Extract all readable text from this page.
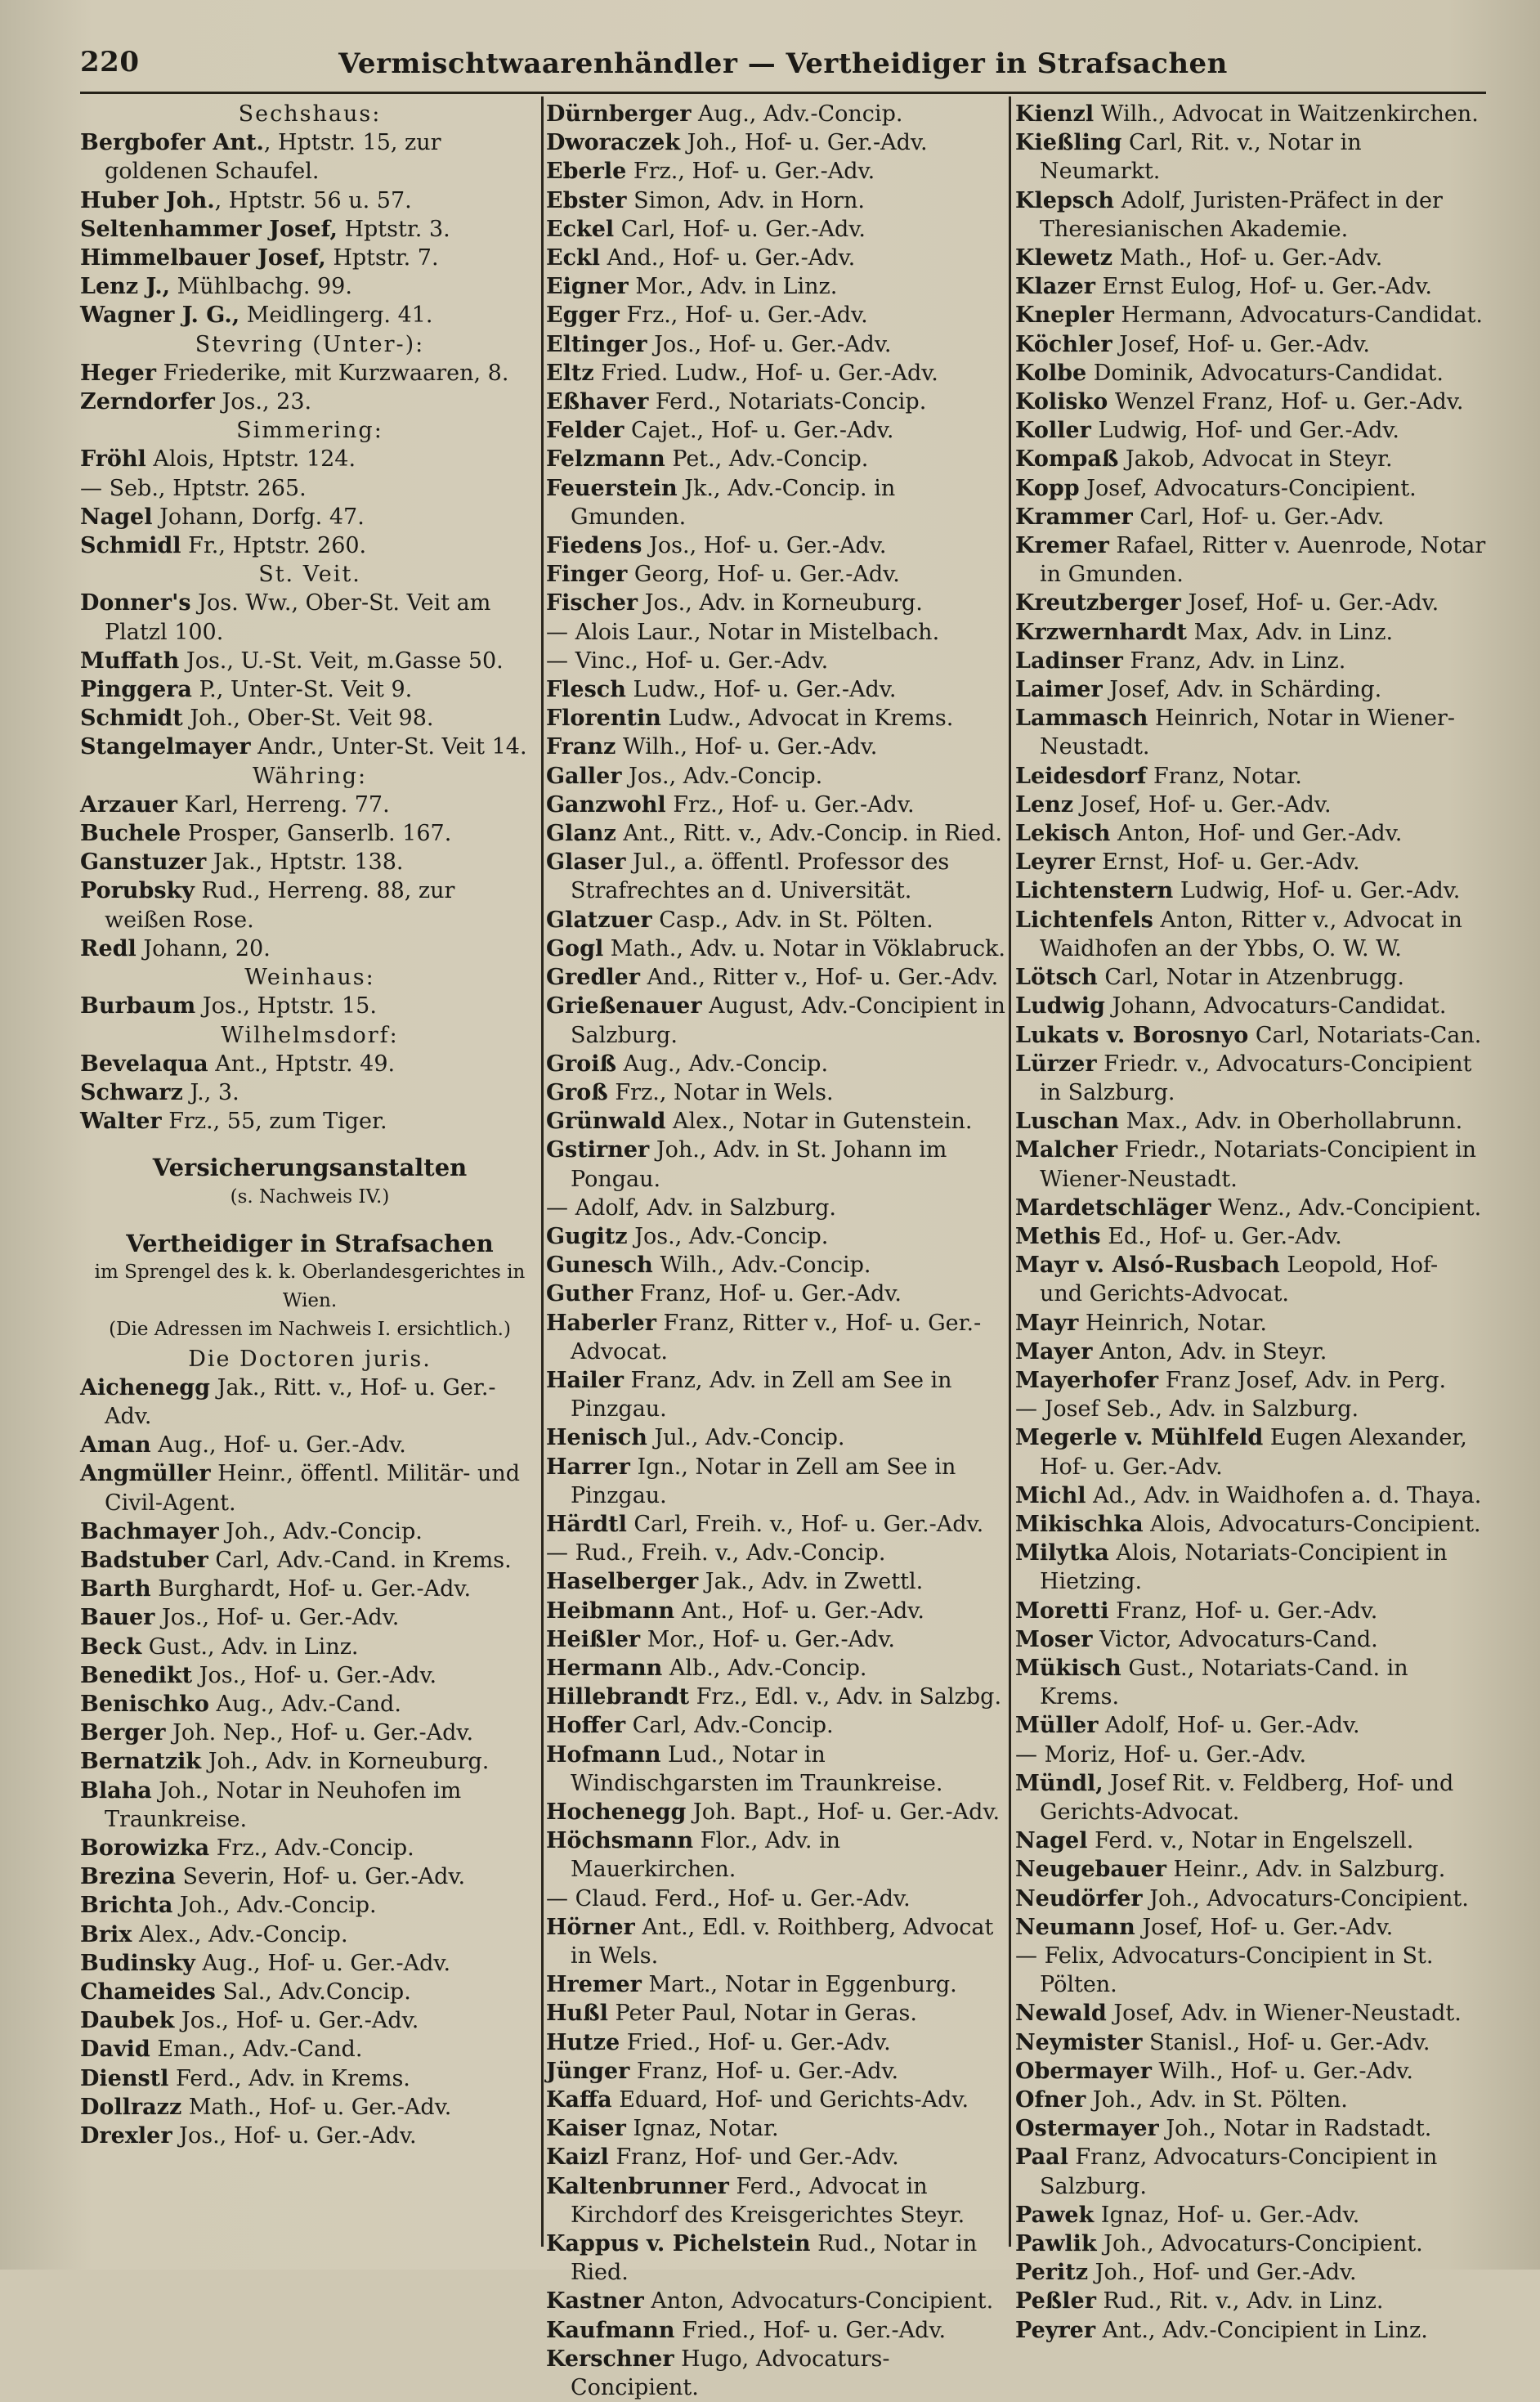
220	Vermischtwaarenhändler — Vertheidiger in Strafsachen
Sechshaus:
Bergbofer Ant., Hptstr. 15, zur goldenen Schaufel.
Huber Joh., Hptstr. 56 u. 57.
Seltenhammer Josef, Hptstr. 3.
Himmelbauer Josef, Hptstr. 7.
Lenz J., Mühlbachg. 99.
Wagner J. G., Meidlingerg. 41.
Stevring (Unter-):
Heger Friederike, mit Kurzwaaren, 8.
Zerndorfer Jos., 23.
Simmering:
Fröhl Alois, Hptstr. 124.
— Seb., Hptstr. 265.
Nagel Johann, Dorfg. 47.
Schmidl Fr., Hptstr. 260.
St. Veit.
Donner's Jos. Ww., Ober-St. Veit am Platzl 100.
Muffath Jos., U.-St. Veit, m.Gasse 50.
Pinggera P., Unter-St. Veit 9.
Schmidt Joh., Ober-St. Veit 98.
Stangelmayer Andr., Unter-St. Veit 14.
Währing:
Arzauer Karl, Herreng. 77.
Buchele Prosper, Ganserlb. 167.
Ganstuzer Jak., Hptstr. 138.
Porubsky Rud., Herreng. 88, zur weißen Rose.
Redl Johann, 20.
Weinhaus:
Burbaum Jos., Hptstr. 15.
Wilhelmsdorf:
Bevelaqua Ant., Hptstr. 49.
Schwarz J., 3.
Walter Frz., 55, zum Tiger.
Versicherungsanstalten
(s. Nachweis IV.)
Vertheidiger in Strafsachen
im Sprengel des k. k. Oberlandesgerichtes in Wien.
(Die Adressen im Nachweis I. ersichtlich.)
Die Doctoren juris.
Aichenegg Jak., Ritt. v., Hof- u. Ger.-Adv.
Aman Aug., Hof- u. Ger.-Adv.
Angmüller Heinr., öffentl. Militär- und Civil-Agent.
Bachmayer Joh., Adv.-Concip.
Badstuber Carl, Adv.-Cand. in Krems.
Barth Burghardt, Hof- u. Ger.-Adv.
Bauer Jos., Hof- u. Ger.-Adv.
Beck Gust., Adv. in Linz.
Benedikt Jos., Hof- u. Ger.-Adv.
Benischko Aug., Adv.-Cand.
Berger Joh. Nep., Hof- u. Ger.-Adv.
Bernatzik Joh., Adv. in Korneuburg.
Blaha Joh., Notar in Neuhofen im Traunkreise.
Borowizka Frz., Adv.-Concip.
Brezina Severin, Hof- u. Ger.-Adv.
Brichta Joh., Adv.-Concip.
Brix Alex., Adv.-Concip.
Budinsky Aug., Hof- u. Ger.-Adv.
Chameides Sal., Adv.Concip.
Daubek Jos., Hof- u. Ger.-Adv.
David Eman., Adv.-Cand.
Dienstl Ferd., Adv. in Krems.
Dollrazz Math., Hof- u. Ger.-Adv.
Drexler Jos., Hof- u. Ger.-Adv.
Dürnberger Aug., Adv.-Concip.
Dworaczek Joh., Hof- u. Ger.-Adv.
Eberle Frz., Hof- u. Ger.-Adv.
Ebster Simon, Adv. in Horn.
Eckel Carl, Hof- u. Ger.-Adv.
Eckl And., Hof- u. Ger.-Adv.
Eigner Mor., Adv. in Linz.
Egger Frz., Hof- u. Ger.-Adv.
Eltinger Jos., Hof- u. Ger.-Adv.
Eltz Fried. Ludw., Hof- u. Ger.-Adv.
Eßhaver Ferd., Notariats-Concip.
Felder Cajet., Hof- u. Ger.-Adv.
Felzmann Pet., Adv.-Concip.
Feuerstein Jk., Adv.-Concip. in Gmunden.
Fiedens Jos., Hof- u. Ger.-Adv.
Finger Georg, Hof- u. Ger.-Adv.
Fischer Jos., Adv. in Korneuburg.
— Alois Laur., Notar in Mistelbach.
— Vinc., Hof- u. Ger.-Adv.
Flesch Ludw., Hof- u. Ger.-Adv.
Florentin Ludw., Advocat in Krems.
Franz Wilh., Hof- u. Ger.-Adv.
Galler Jos., Adv.-Concip.
Ganzwohl Frz., Hof- u. Ger.-Adv.
Glanz Ant., Ritt. v., Adv.-Concip. in Ried.
Glaser Jul., a. öffentl. Professor des Strafrechtes an d. Universität.
Glatzuer Casp., Adv. in St. Pölten.
Gogl Math., Adv. u. Notar in Vöklabruck.
Gredler And., Ritter v., Hof- u. Ger.-Adv.
Grießenauer August, Adv.-Concipient in Salzburg.
Groiß Aug., Adv.-Concip.
Groß Frz., Notar in Wels.
Grünwald Alex., Notar in Gutenstein.
Gstirner Joh., Adv. in St. Johann im Pongau.
— Adolf, Adv. in Salzburg.
Gugitz Jos., Adv.-Concip.
Gunesch Wilh., Adv.-Concip.
Guther Franz, Hof- u. Ger.-Adv.
Haberler Franz, Ritter v., Hof- u. Ger.-Advocat.
Hailer Franz, Adv. in Zell am See in Pinzgau.
Henisch Jul., Adv.-Concip.
Harrer Ign., Notar in Zell am See in Pinzgau.
Härdtl Carl, Freih. v., Hof- u. Ger.-Adv.
— Rud., Freih. v., Adv.-Concip.
Haselberger Jak., Adv. in Zwettl.
Heibmann Ant., Hof- u. Ger.-Adv.
Heißler Mor., Hof- u. Ger.-Adv.
Hermann Alb., Adv.-Concip.
Hillebrandt Frz., Edl. v., Adv. in Salzbg.
Hoffer Carl, Adv.-Concip.
Hofmann Lud., Notar in Windischgarsten im Traunkreise.
Hochenegg Joh. Bapt., Hof- u. Ger.-Adv.
Höchsmann Flor., Adv. in Mauerkirchen.
— Claud. Ferd., Hof- u. Ger.-Adv.
Hörner Ant., Edl. v. Roithberg, Advocat in Wels.
Hremer Mart., Notar in Eggenburg.
Hußl Peter Paul, Notar in Geras.
Hutze Fried., Hof- u. Ger.-Adv.
Jünger Franz, Hof- u. Ger.-Adv.
Kaffa Eduard, Hof- und Gerichts-Adv.
Kaiser Ignaz, Notar.
Kaizl Franz, Hof- und Ger.-Adv.
Kaltenbrunner Ferd., Advocat in Kirchdorf des Kreisgerichtes Steyr.
Kappus v. Pichelstein Rud., Notar in Ried.
Kastner Anton, Advocaturs-Concipient.
Kaufmann Fried., Hof- u. Ger.-Adv.
Kerschner Hugo, Advocaturs-Concipient.
Kienzl Wilh., Advocat in Waitzenkirchen.
Kießling Carl, Rit. v., Notar in Neumarkt.
Klepsch Adolf, Juristen-Präfect in der Theresianischen Akademie.
Klewetz Math., Hof- u. Ger.-Adv.
Klazer Ernst Eulog, Hof- u. Ger.-Adv.
Knepler Hermann, Advocaturs-Candidat.
Köchler Josef, Hof- u. Ger.-Adv.
Kolbe Dominik, Advocaturs-Candidat.
Kolisko Wenzel Franz, Hof- u. Ger.-Adv.
Koller Ludwig, Hof- und Ger.-Adv.
Kompaß Jakob, Advocat in Steyr.
Kopp Josef, Advocaturs-Concipient.
Krammer Carl, Hof- u. Ger.-Adv.
Kremer Rafael, Ritter v. Auenrode, Notar in Gmunden.
Kreutzberger Josef, Hof- u. Ger.-Adv.
Krzwernhardt Max, Adv. in Linz.
Ladinser Franz, Adv. in Linz.
Laimer Josef, Adv. in Schärding.
Lammasch Heinrich, Notar in Wiener-Neustadt.
Leidesdorf Franz, Notar.
Lenz Josef, Hof- u. Ger.-Adv.
Lekisch Anton, Hof- und Ger.-Adv.
Leyrer Ernst, Hof- u. Ger.-Adv.
Lichtenstern Ludwig, Hof- u. Ger.-Adv.
Lichtenfels Anton, Ritter v., Advocat in Waidhofen an der Ybbs, O. W. W.
Lötsch Carl, Notar in Atzenbrugg.
Ludwig Johann, Advocaturs-Candidat.
Lukats v. Borosnyo Carl, Notariats-Can.
Lürzer Friedr. v., Advocaturs-Concipient in Salzburg.
Luschan Max., Adv. in Oberhollabrunn.
Malcher Friedr., Notariats-Concipient in Wiener-Neustadt.
Mardetschläger Wenz., Adv.-Concipient.
Methis Ed., Hof- u. Ger.-Adv.
Mayr v. Alsó-Rusbach Leopold, Hof- und Gerichts-Advocat.
Mayr Heinrich, Notar.
Mayer Anton, Adv. in Steyr.
Mayerhofer Franz Josef, Adv. in Perg.
— Josef Seb., Adv. in Salzburg.
Megerle v. Mühlfeld Eugen Alexander, Hof- u. Ger.-Adv.
Michl Ad., Adv. in Waidhofen a. d. Thaya.
Mikischka Alois, Advocaturs-Concipient.
Milytka Alois, Notariats-Concipient in Hietzing.
Moretti Franz, Hof- u. Ger.-Adv.
Moser Victor, Advocaturs-Cand.
Mükisch Gust., Notariats-Cand. in Krems.
Müller Adolf, Hof- u. Ger.-Adv.
— Moriz, Hof- u. Ger.-Adv.
Mündl, Josef Rit. v. Feldberg, Hof- und Gerichts-Advocat.
Nagel Ferd. v., Notar in Engelszell.
Neugebauer Heinr., Adv. in Salzburg.
Neudörfer Joh., Advocaturs-Concipient.
Neumann Josef, Hof- u. Ger.-Adv.
— Felix, Advocaturs-Concipient in St. Pölten.
Newald Josef, Adv. in Wiener-Neustadt.
Neymister Stanisl., Hof- u. Ger.-Adv.
Obermayer Wilh., Hof- u. Ger.-Adv.
Ofner Joh., Adv. in St. Pölten.
Ostermayer Joh., Notar in Radstadt.
Paal Franz, Advocaturs-Concipient in Salzburg.
Pawek Ignaz, Hof- u. Ger.-Adv.
Pawlik Joh., Advocaturs-Concipient.
Peritz Joh., Hof- und Ger.-Adv.
Peßler Rud., Rit. v., Adv. in Linz.
Peyrer Ant., Adv.-Concipient in Linz.
